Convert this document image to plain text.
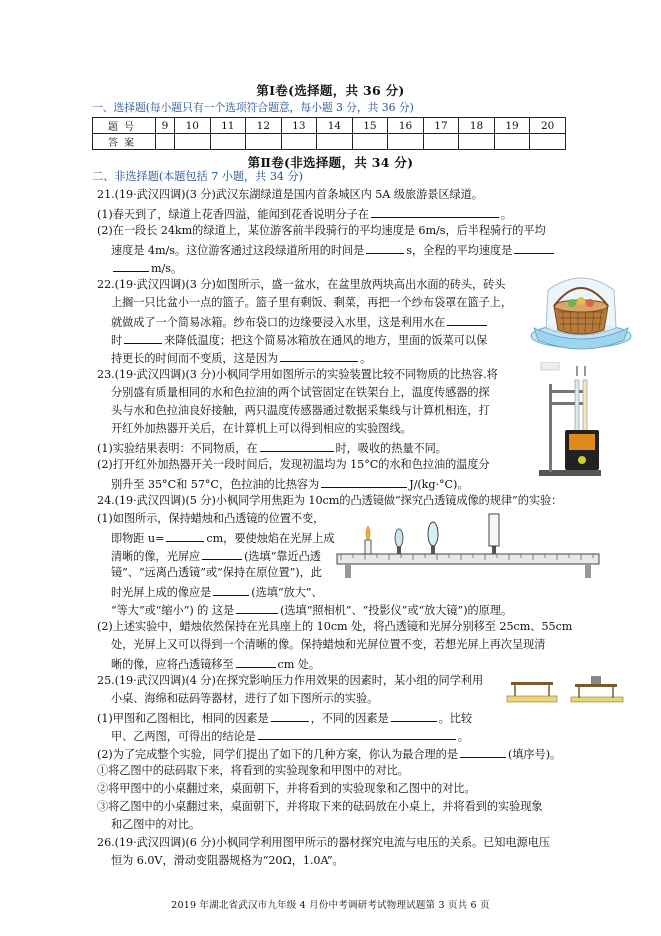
第Ⅰ卷(选择题，共 36 分)
一、选择题(每小题只有一个选项符合题意，每小题 3 分，共 36 分)
题号	9	10	11	12	13	14	15	16	17	18	19	20
答案												
第Ⅱ卷(非选择题，共 34 分)
二、非选择题(本题包括 7 小题，共 34 分)
21.(19·武汉四调)(3 分)武汉东湖绿道是国内首条城区内 5A 级旅游景区绿道。
(1)春天到了，绿道上花香四溢，能闻到花香说明分子在	。
(2)在一段长 24km的绿道上，某位游客前半段骑行的平均速度是 6m/s，后半程骑行的平均
速度是 4m/s。这位游客通过这段绿道所用的时间是	s，全程的平均速度是
m/s。
22.(19·武汉四调)(3 分)如图所示，盛一盆水，在盆里放两块高出水面的砖头，砖头
上搁一只比盆小一点的篮子。篮子里有剩饭、剩菜，再把一个纱布袋罩在篮子上，
就做成了一个简易冰箱。纱布袋口的边缘要浸入水里，这是利用水在
时	来降低温度；把这个简易冰箱放在通风的地方，里面的饭菜可以保
持更长的时间而不变质，这是因为	。
23.(19·武汉四调)(3 分)小枫同学用如图所示的实验装置比较不同物质的比热容.将
分别盛有质量相同的水和色拉油的两个试管固定在铁架台上，温度传感器的探
头与水和色拉油良好接触，两只温度传感器通过数据采集线与计算机相连，打
开红外加热器开关后，在计算机上可以得到相应的实验图线。
(1)实验结果表明：不同物质，在	时，吸收的热量不同。
(2)打开红外加热器开关一段时间后，发现初温均为 15°C的水和色拉油的温度分
别升至 35°C和 57°C，色拉油的比热容为	J/(kg·°C)。
24.(19·武汉四调)(5 分)小枫同学用焦距为 10cm的凸透镜做“探究凸透镜成像的规律”的实验：
(1)如图所示，保持蜡烛和凸透镜的位置不变，
即物距 u=	cm，要使烛焰在光屏上成
清晰的像，光屏应	(选填“靠近凸透
镜”、“远离凸透镜”或“保持在原位置”)，此
时光屏上成的像应是	(选填“放大”、
“等大”或“缩小”) 的 这是	(选填“照相机”、“投影仪”或“放大镜”)的原理。
(2)上述实验中，蜡烛依然保持在光具座上的 10cm 处，将凸透镜和光屏分别移至 25cm、55cm
处，光屏上又可以得到一个清晰的像。保持蜡烛和光屏位置不变，若想光屏上再次呈现清
晰的像，应将凸透镜移至	cm 处。
25.(19·武汉四调)(4 分)在探究影响压力作用效果的因素时，某小组的同学利用
小桌、海绵和砝码等器材，进行了如下图所示的实验。
(1)甲图和乙图相比，相同的因素是	，不同的因素是	。比较
甲、乙两图，可得出的结论是	。
(2)为了完成整个实验，同学们提出了如下的几种方案，你认为最合理的是	(填序号)。
①将乙图中的砝码取下来，将看到的实验现象和甲图中的对比。
②将甲图中的小桌翻过来，桌面朝下，并将看到的实验现象和乙图中的对比。
③将乙图中的小桌翻过来，桌面朝下，并将取下来的砝码放在小桌上，并将看到的实验现象
和乙图中的对比。
26.(19·武汉四调)(6 分)小枫同学利用图甲所示的器材探究电流与电压的关系。已知电源电压
恒为 6.0V，滑动变阻器规格为“20Ω，1.0A”。
2019 年湖北省武汉市九年级 4 月份中考调研考试物理试题第 3 页共 6 页
